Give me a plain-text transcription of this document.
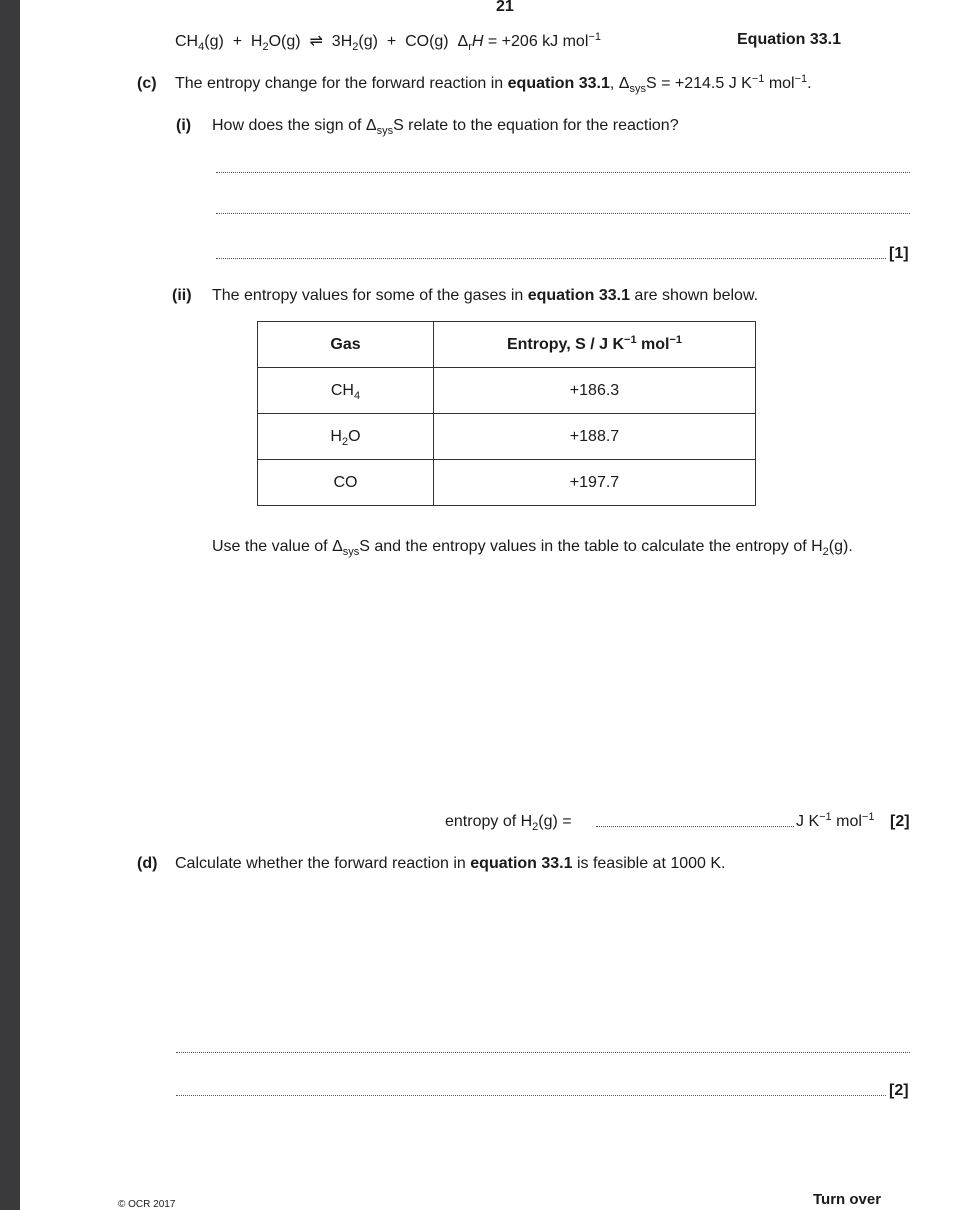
21
$CH_4(g) + H_2O(g)$ ⇌ $3H_2(g) + CO(g) \Delta_rH = +206$ kJ mol$^{-1}$	Equation 33.1
(c) The entropy change for the forward reaction in equation 33.1, $\Delta_{sys}S = +214.5$ J $K^{-1}$ mol$^{-1}$.
(i) How does the sign of $\Delta_{sys}S$ relate to the equation for the reaction?
[1]
(ii) The entropy values for some of the gases in equation 33.1 are shown below.
Gas	Entropy, S / J $K^{-1}$ mol$^{-1}$
$CH_4$	+186.3
$H_2O$	+188.7
CO	+197.7
Use the value of $\Delta_{sys}S$ and the entropy values in the table to calculate the entropy of $H_2(g)$.
entropy of $H_2(g)$ =	J $K^{-1}$ mol$^{-1}$ [2]
(d) Calculate whether the forward reaction in equation 33.1 is feasible at 1000 K.
[2]
© OCR 2017	Turn over
